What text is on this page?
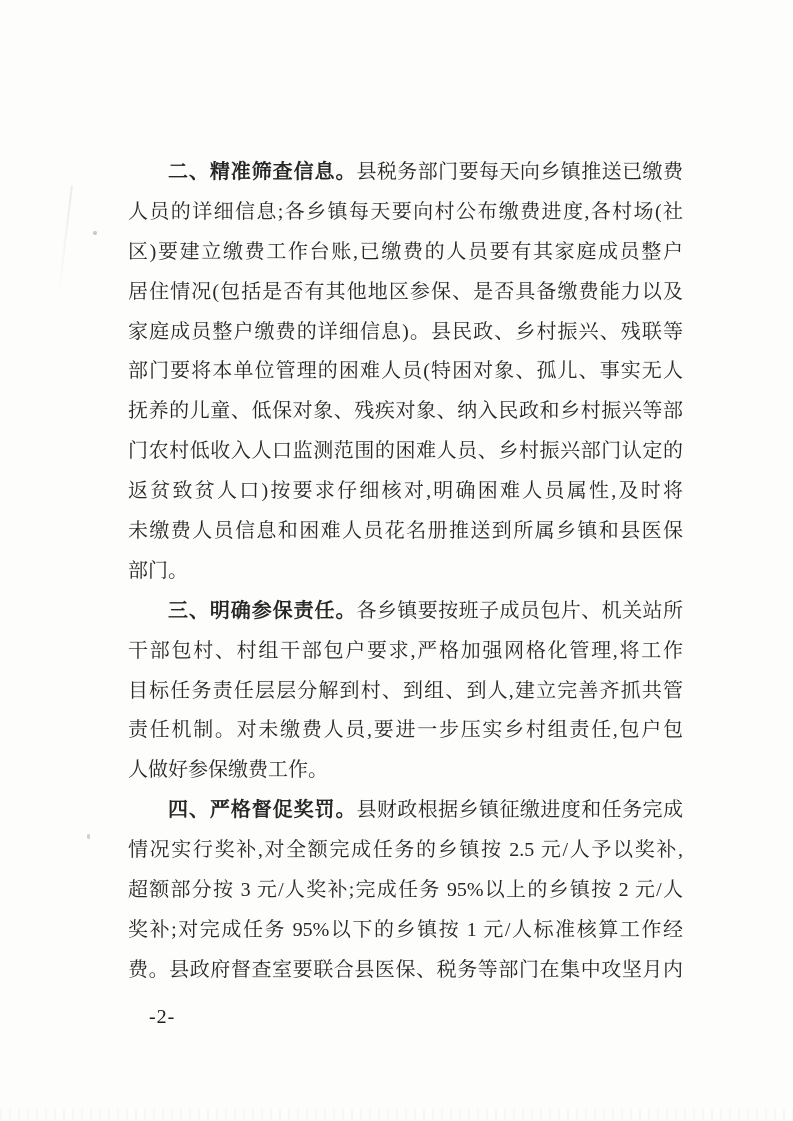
二、精准筛查信息。县税务部门要每天向乡镇推送已缴费
人员的详细信息;各乡镇每天要向村公布缴费进度,各村场(社
区)要建立缴费工作台账,已缴费的人员要有其家庭成员整户
居住情况(包括是否有其他地区参保、是否具备缴费能力以及
家庭成员整户缴费的详细信息)。县民政、乡村振兴、残联等
部门要将本单位管理的困难人员(特困对象、孤儿、事实无人
抚养的儿童、低保对象、残疾对象、纳入民政和乡村振兴等部
门农村低收入人口监测范围的困难人员、乡村振兴部门认定的
返贫致贫人口)按要求仔细核对,明确困难人员属性,及时将
未缴费人员信息和困难人员花名册推送到所属乡镇和县医保
部门。
三、明确参保责任。各乡镇要按班子成员包片、机关站所
干部包村、村组干部包户要求,严格加强网格化管理,将工作
目标任务责任层层分解到村、到组、到人,建立完善齐抓共管
责任机制。对未缴费人员,要进一步压实乡村组责任,包户包
人做好参保缴费工作。
四、严格督促奖罚。县财政根据乡镇征缴进度和任务完成
情况实行奖补,对全额完成任务的乡镇按 2.5 元/人予以奖补,
超额部分按 3 元/人奖补;完成任务 95%以上的乡镇按 2 元/人
奖补;对完成任务 95%以下的乡镇按 1 元/人标准核算工作经
费。县政府督查室要联合县医保、税务等部门在集中攻坚月内
-2-
